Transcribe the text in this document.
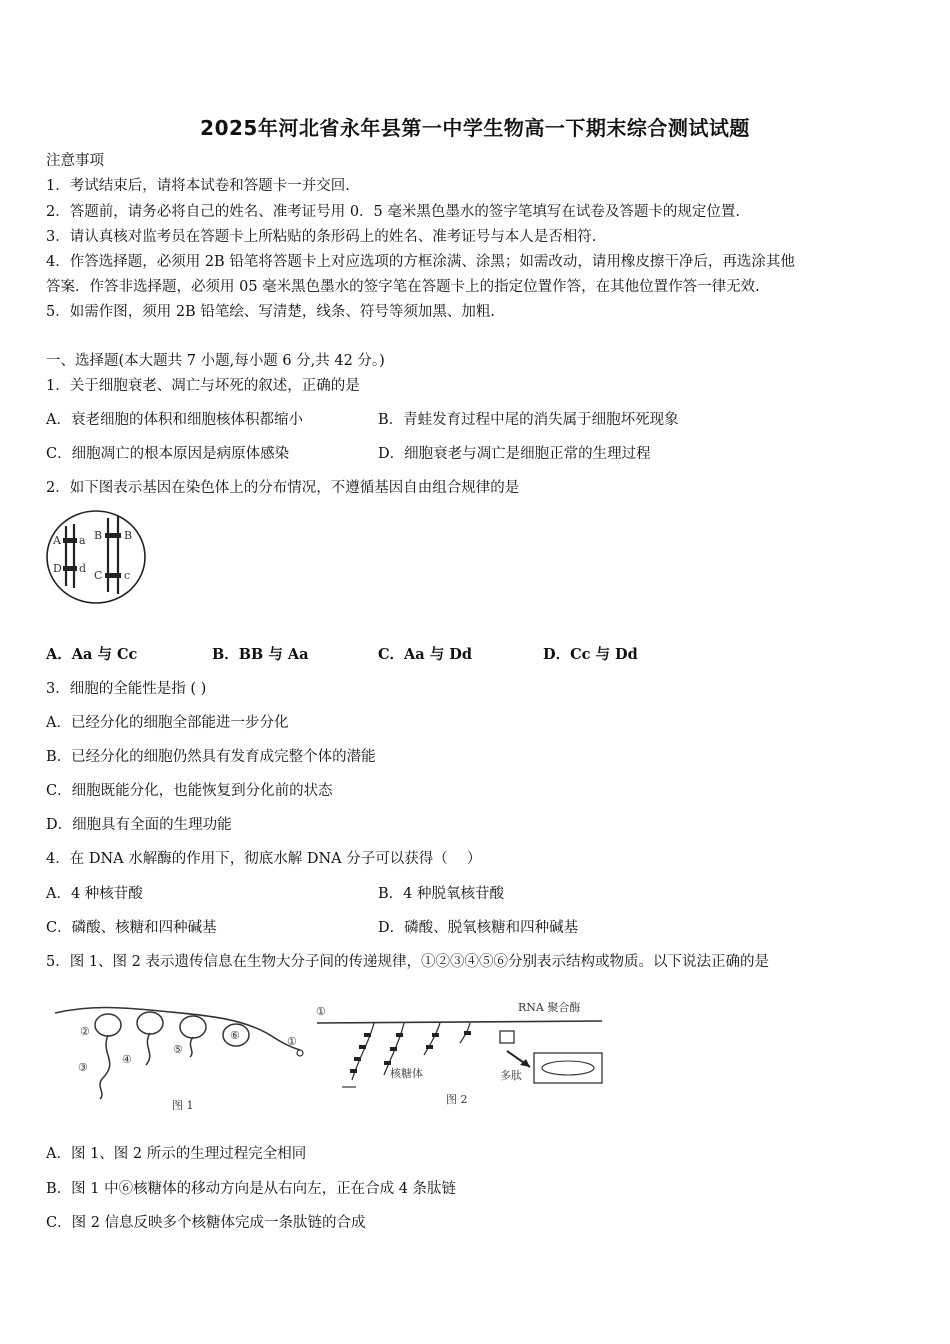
2025年河北省永年县第一中学生物高一下期末综合测试试题
注意事项
1．考试结束后，请将本试卷和答题卡一并交回.
2．答题前，请务必将自己的姓名、准考证号用 0．5 毫米黑色墨水的签字笔填写在试卷及答题卡的规定位置.
3．请认真核对监考员在答题卡上所粘贴的条形码上的姓名、准考证号与本人是否相符.
4．作答选择题，必须用 2B 铅笔将答题卡上对应选项的方框涂满、涂黑；如需改动，请用橡皮擦干净后，再选涂其他
答案．作答非选择题，必须用 05 毫米黑色墨水的签字笔在答题卡上的指定位置作答，在其他位置作答一律无效.
5．如需作图，须用 2B 铅笔绘、写清楚，线条、符号等须加黑、加粗.
一、选择题(本大题共 7 小题,每小题 6 分,共 42 分。)
1．关于细胞衰老、凋亡与坏死的叙述，正确的是
A．衰老细胞的体积和细胞核体积都缩小	B．青蛙发育过程中尾的消失属于细胞坏死现象
C．细胞凋亡的根本原因是病原体感染	D．细胞衰老与凋亡是细胞正常的生理过程
2．如下图表示基因在染色体上的分布情况，不遵循基因自由组合规律的是
A a
D d
B B
C c
A．Aa 与 Cc	B．BB 与 Aa	C．Aa 与 Dd	D．Cc 与 Dd
3．细胞的全能性是指 ( )
A．已经分化的细胞全部能进一步分化
B．已经分化的细胞仍然具有发育成完整个体的潜能
C．细胞既能分化，也能恢复到分化前的状态
D．细胞具有全面的生理功能
4．在 DNA 水解酶的作用下，彻底水解 DNA 分子可以获得（　 ）
A．4 种核苷酸	B．4 种脱氧核苷酸
C．磷酸、核糖和四种碱基	D．磷酸、脱氧核糖和四种碱基
5．图 1、图 2 表示遗传信息在生物大分子间的传递规律，①②③④⑤⑥分别表示结构或物质。以下说法正确的是
②
③
④
⑤
⑥	①
图 1
①	RNA 聚合酶
核糖体	多肽
图 2
A．图 1、图 2 所示的生理过程完全相同
B．图 1 中⑥核糖体的移动方向是从右向左，正在合成 4 条肽链
C．图 2 信息反映多个核糖体完成一条肽链的合成
